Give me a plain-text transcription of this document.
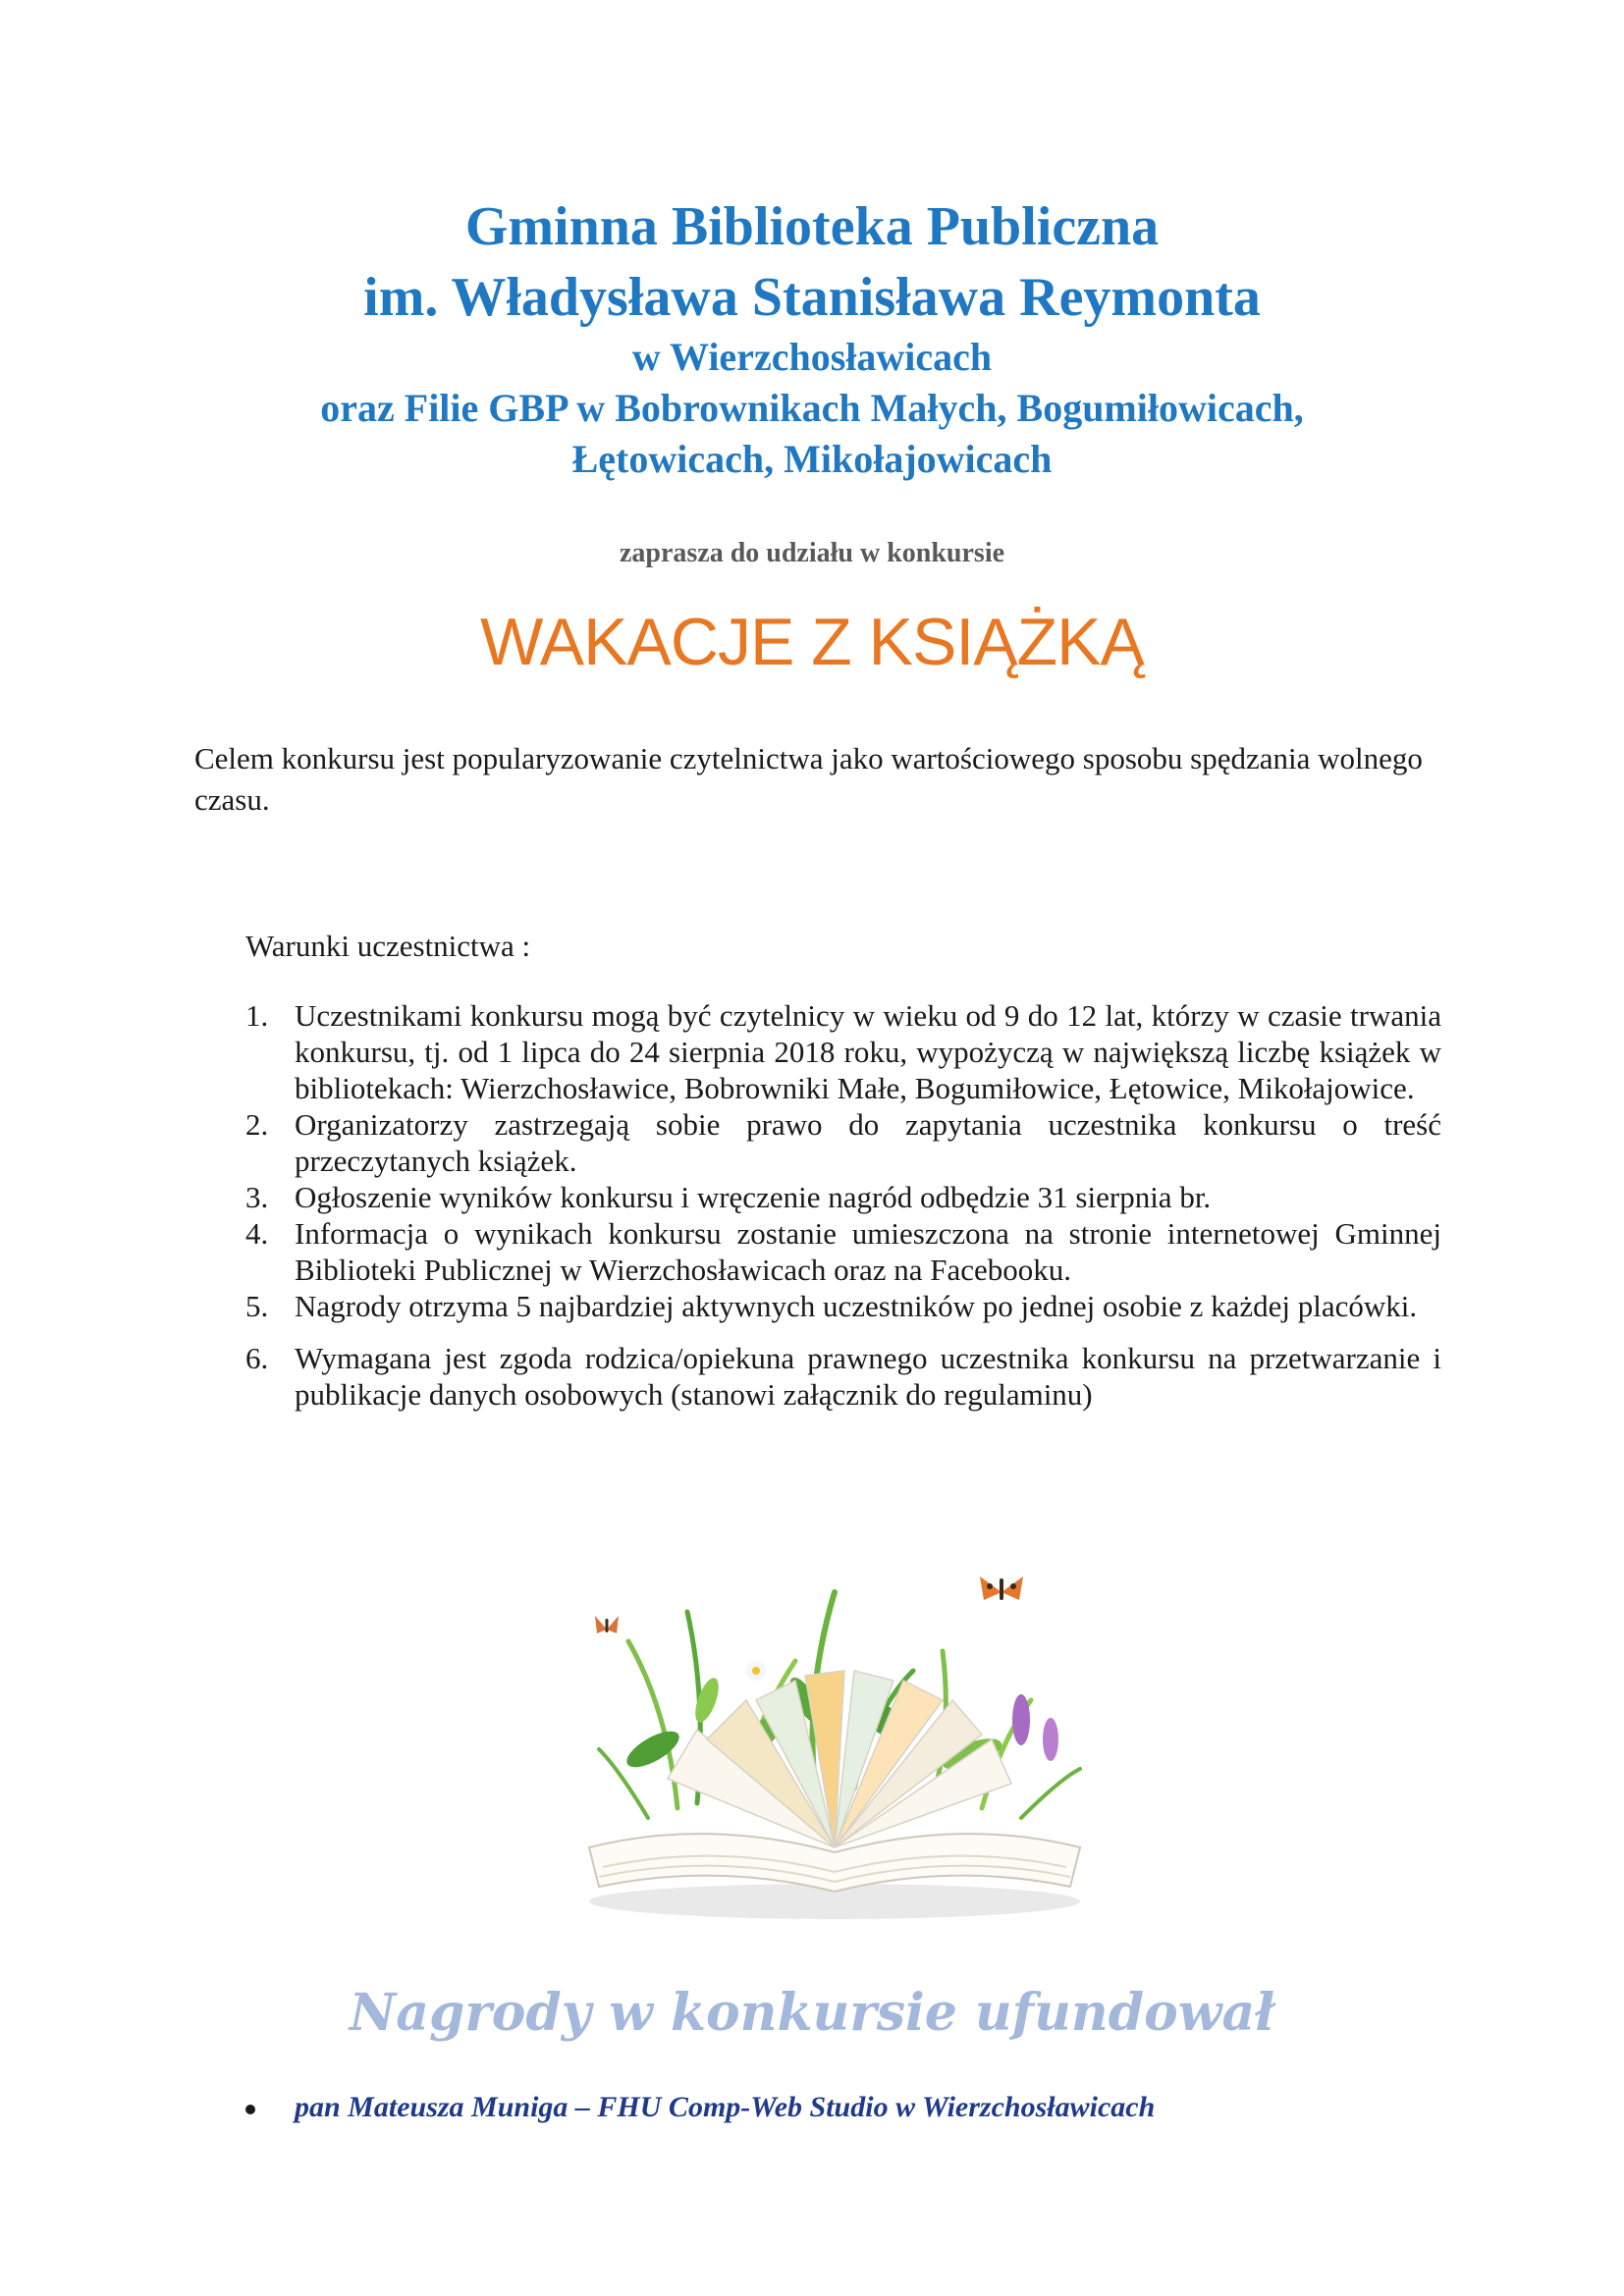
Gminna Biblioteka Publiczna
im. Władysława Stanisława Reymonta
w Wierzchosławicach
oraz Filie GBP w Bobrownikach Małych, Bogumiłowicach,
Łętowicach, Mikołajowicach
zaprasza do udziału w konkursie
WAKACJE Z KSIĄŻKĄ
Celem konkursu jest popularyzowanie czytelnictwa jako wartościowego sposobu spędzania wolnego czasu.
Warunki uczestnictwa :
1. Uczestnikami konkursu mogą być czytelnicy w wieku od 9 do 12 lat, którzy w czasie trwania konkursu, tj. od 1 lipca do 24 sierpnia 2018 roku, wypożyczą w największą liczbę książek w bibliotekach: Wierzchosławice, Bobrowniki Małe, Bogumiłowice, Łętowice, Mikołajowice.
2. Organizatorzy zastrzegają sobie prawo do zapytania uczestnika konkursu o treść przeczytanych książek.
3. Ogłoszenie wyników konkursu i wręczenie nagród odbędzie 31 sierpnia br.
4. Informacja o wynikach konkursu zostanie umieszczona na stronie internetowej Gminnej Biblioteki Publicznej w Wierzchosławicach oraz na Facebooku.
5. Nagrody otrzyma 5 najbardziej aktywnych uczestników po jednej osobie z każdej placówki.
6. Wymagana jest zgoda rodzica/opiekuna prawnego uczestnika konkursu na przetwarzanie i publikacje danych osobowych (stanowi załącznik do regulaminu)
Nagrody w konkursie ufundował
pan Mateusza Muniga – FHU Comp-Web Studio w Wierzchosławicach
